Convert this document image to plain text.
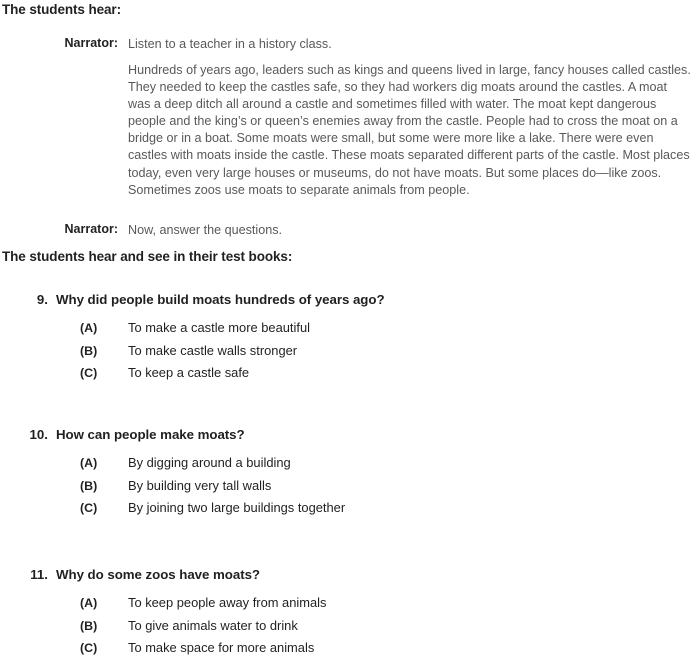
The students hear:
Narrator: Listen to a teacher in a history class.
Hundreds of years ago, leaders such as kings and queens lived in large, fancy houses called castles. They needed to keep the castles safe, so they had workers dig moats around the castles. A moat was a deep ditch all around a castle and sometimes filled with water. The moat kept dangerous people and the king’s or queen’s enemies away from the castle. People had to cross the moat on a bridge or in a boat. Some moats were small, but some were more like a lake. There were even castles with moats inside the castle. These moats separated different parts of the castle. Most places today, even very large houses or museums, do not have moats. But some places do—like zoos. Sometimes zoos use moats to separate animals from people.
Narrator: Now, answer the questions.
The students hear and see in their test books:
9. Why did people build moats hundreds of years ago?
(A)	To make a castle more beautiful
(B)	To make castle walls stronger
(C)	To keep a castle safe
10. How can people make moats?
(A)	By digging around a building
(B)	By building very tall walls
(C)	By joining two large buildings together
11. Why do some zoos have moats?
(A)	To keep people away from animals
(B)	To give animals water to drink
(C)	To make space for more animals
